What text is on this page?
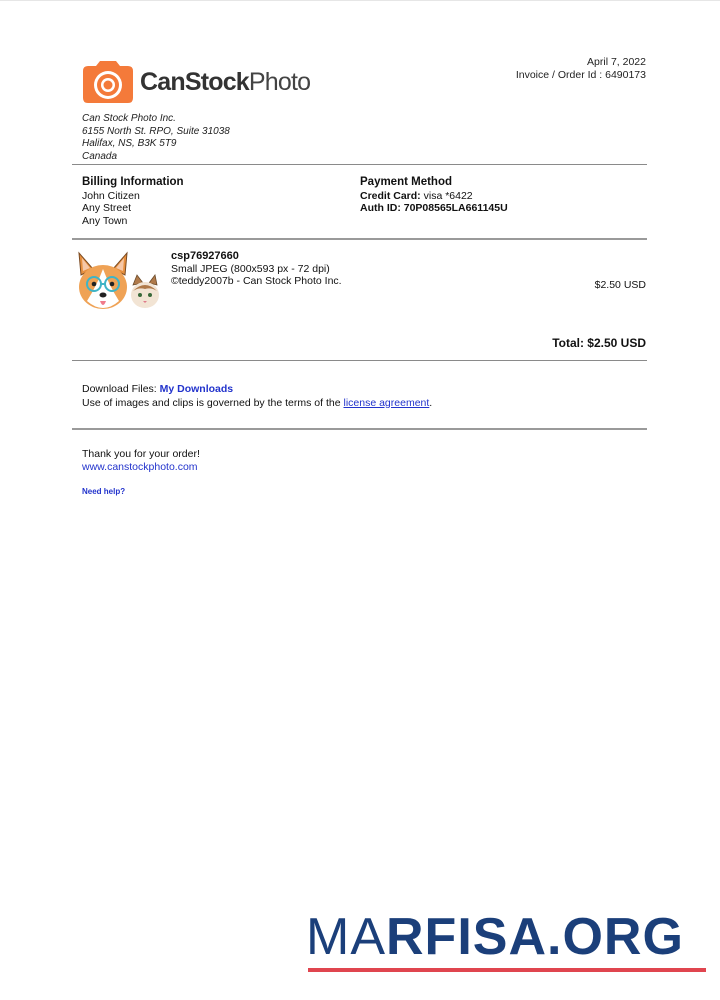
CanStockPhoto
April 7, 2022
Invoice / Order Id : 6490173
Can Stock Photo Inc.
6155 North St. RPO, Suite 31038
Halifax, NS, B3K 5T9
Canada
Billing Information
John Citizen
Any Street
Any Town
Payment Method
Credit Card: visa *6422
Auth ID: 70P08565LA661145U
csp76927660
Small JPEG (800x593 px - 72 dpi)
©teddy2007b - Can Stock Photo Inc.	$2.50 USD
Total: $2.50 USD
Download Files: My Downloads
Use of images and clips is governed by the terms of the license agreement.
Thank you for your order!
www.canstockphoto.com
Need help?
MARFISA.ORG
